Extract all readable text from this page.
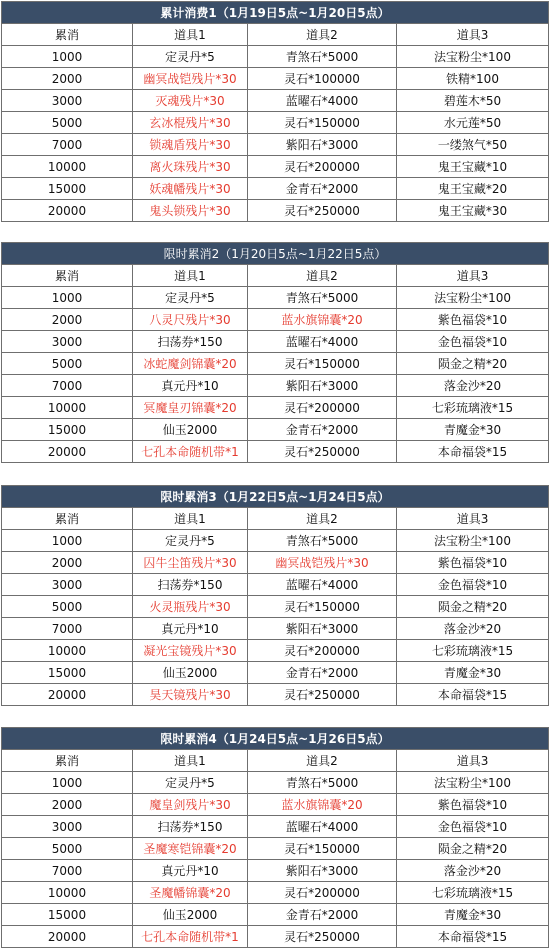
累计消费1（1月19日5点~1月20日5点）			
累消	道具1	道具2	道具3
1000	定灵丹*5	青煞石*5000	法宝粉尘*100
2000	幽冥战铠残片*30	灵石*100000	铁精*100
3000	灭魂残片*30	蓝曜石*4000	碧莲木*50
5000	玄冰棍残片*30	灵石*150000	水元莲*50
7000	锁魂盾残片*30	紫阳石*3000	一缕煞气*50
10000	离火珠残片*30	灵石*200000	鬼王宝藏*10
15000	妖魂幡残片*30	金青石*2000	鬼王宝藏*20
20000	鬼头锁残片*30	灵石*250000	鬼王宝藏*30
限时累消2（1月20日5点~1月22日5点）			
累消	道具1	道具2	道具3
1000	定灵丹*5	青煞石*5000	法宝粉尘*100
2000	八灵尺残片*30	蓝水旗锦囊*20	紫色福袋*10
3000	扫荡券*150	蓝曜石*4000	金色福袋*10
5000	冰蛇魔剑锦囊*20	灵石*150000	陨金之精*20
7000	真元丹*10	紫阳石*3000	落金沙*20
10000	冥魔皇刃锦囊*20	灵石*200000	七彩琉璃液*15
15000	仙玉2000	金青石*2000	青魔金*30
20000	七孔本命随机带*1	灵石*250000	本命福袋*15
限时累消3（1月22日5点~1月24日5点）			
累消	道具1	道具2	道具3
1000	定灵丹*5	青煞石*5000	法宝粉尘*100
2000	囚牛尘笛残片*30	幽冥战铠残片*30	紫色福袋*10
3000	扫荡券*150	蓝曜石*4000	金色福袋*10
5000	火灵瓶残片*30	灵石*150000	陨金之精*20
7000	真元丹*10	紫阳石*3000	落金沙*20
10000	凝光宝镜残片*30	灵石*200000	七彩琉璃液*15
15000	仙玉2000	金青石*2000	青魔金*30
20000	昊天镜残片*30	灵石*250000	本命福袋*15
限时累消4（1月24日5点~1月26日5点）			
累消	道具1	道具2	道具3
1000	定灵丹*5	青煞石*5000	法宝粉尘*100
2000	魔皇剑残片*30	蓝水旗锦囊*20	紫色福袋*10
3000	扫荡券*150	蓝曜石*4000	金色福袋*10
5000	圣魔寒铠锦囊*20	灵石*150000	陨金之精*20
7000	真元丹*10	紫阳石*3000	落金沙*20
10000	圣魔幡锦囊*20	灵石*200000	七彩琉璃液*15
15000	仙玉2000	金青石*2000	青魔金*30
20000	七孔本命随机带*1	灵石*250000	本命福袋*15
